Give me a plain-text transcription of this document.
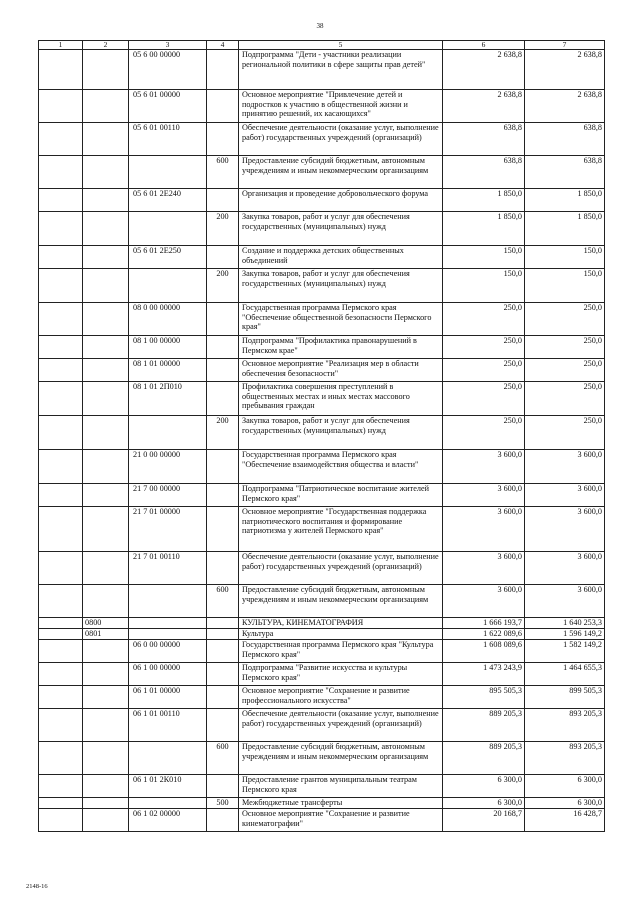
38
1	2	3	4	5	6	7
		05 6 00 00000		Подпрограмма "Дети - участники реализации региональной политики в сфере защиты прав детей"	2 638,8	2 638,8
		05 6 01 00000		Основное мероприятие "Привлечение детей и подростков к участию в общественной жизни и принятию решений, их касающихся"	2 638,8	2 638,8
		05 6 01 00110		Обеспечение деятельности (оказание услуг, выполнение работ) государственных учреждений (организаций)	638,8	638,8
			600	Предоставление субсидий бюджетным, автономным учреждениям и иным некоммерческим организациям	638,8	638,8
		05 6 01 2Е240		Организация и проведение добровольческого форума	1 850,0	1 850,0
			200	Закупка товаров, работ и услуг для обеспечения государственных (муниципальных) нужд	1 850,0	1 850,0
		05 6 01 2Е250		Создание и поддержка детских общественных объединений	150,0	150,0
			200	Закупка товаров, работ и услуг для обеспечения государственных (муниципальных) нужд	150,0	150,0
		08 0 00 00000		Государственная программа Пермского края "Обеспечение общественной безопасности Пермского края"	250,0	250,0
		08 1 00 00000		Подпрограмма "Профилактика правонарушений в Пермском крае"	250,0	250,0
		08 1 01 00000		Основное мероприятие "Реализация мер в области обеспечения безопасности"	250,0	250,0
		08 1 01 2П010		Профилактика совершения преступлений в общественных местах и иных местах массового пребывания граждан	250,0	250,0
			200	Закупка товаров, работ и услуг для обеспечения государственных (муниципальных) нужд	250,0	250,0
		21 0 00 00000		Государственная программа Пермского края "Обеспечение взаимодействия общества и власти"	3 600,0	3 600,0
		21 7 00 00000		Подпрограмма "Патриотическое воспитание жителей Пермского края"	3 600,0	3 600,0
		21 7 01 00000		Основное мероприятие "Государственная поддержка патриотического воспитания и формирование патриотизма у жителей Пермского края"	3 600,0	3 600,0
		21 7 01 00110		Обеспечение деятельности (оказание услуг, выполнение работ) государственных учреждений (организаций)	3 600,0	3 600,0
			600	Предоставление субсидий бюджетным, автономным учреждениям и иным некоммерческим организациям	3 600,0	3 600,0
	0800			КУЛЬТУРА, КИНЕМАТОГРАФИЯ	1 666 193,7	1 640 253,3
	0801			Культура	1 622 089,6	1 596 149,2
		06 0 00 00000		Государственная программа Пермского края "Культура Пермского края"	1 608 089,6	1 582 149,2
		06 1 00 00000		Подпрограмма "Развитие искусства и культуры Пермского края"	1 473 243,9	1 464 655,3
		06 1 01 00000		Основное мероприятие "Сохранение и развитие профессионального искусства"	895 505,3	899 505,3
		06 1 01 00110		Обеспечение деятельности (оказание услуг, выполнение работ) государственных учреждений (организаций)	889 205,3	893 205,3
			600	Предоставление субсидий бюджетным, автономным учреждениям и иным некоммерческим организациям	889 205,3	893 205,3
		06 1 01 2К010		Предоставление грантов муниципальным театрам Пермского края	6 300,0	6 300,0
			500	Межбюджетные трансферты	6 300,0	6 300,0
		06 1 02 00000		Основное мероприятие "Сохранение и развитие кинематографии"	20 168,7	16 428,7
2148-16
